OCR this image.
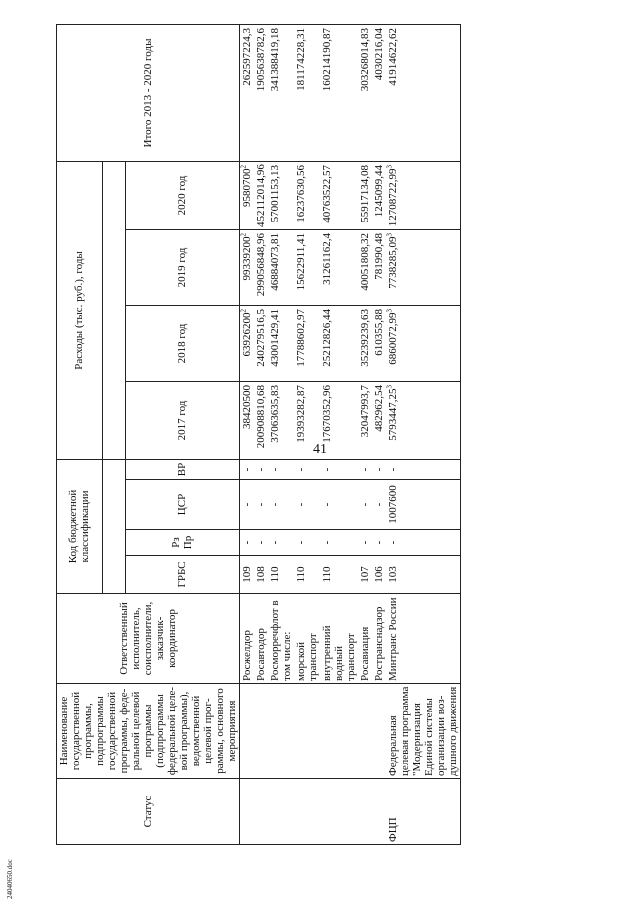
41
24040650.doc
Статус	Наименование государственной программы, подпрограммы государственной программы, феде-ральной целевой программы (подпрограммы федеральной целе-вой программы), ведомственной целевой прог-раммы, основного мероприятия	Ответственный исполнитель, соисполнители, заказчик-координатор	Код бюджетной классификации				Расходы (тыс. руб.), годы				Итого 2013 - 2020 годы

			ГРБС	Рз Пр	ЦСР	ВР	2017 год	2018 год	2019 год	2020 год	
		Росжелдор	109	-	-	-	38420500	63926200$^2$	99339200$^2$	9580700$^2$	262597224,3
		Росавтодор	108	-	-	-	200908810,68	240279516,5	299056848,96	452112014,96	1905638782,6
		Росморречфлот в том числе:	110	-	-	-	37063635,83	43001429,41	46884073,81	57001153,13	341388419,18
		морской транспорт	110	-	-	-	19393282,87	17788602,97	15622911,41	16237630,56	181174228,31
		внутренний водный транспорт	110	-	-	-	17670352,96	25212826,44	31261162,4	40763522,57	160214190,87
		Росавиация	107	-	-	-	32047993,7	35239239,63	40051808,32	55917134,08	303268014,83
		Ространснадзор	106	-	-	-	482962,54	610355,88	781990,48	1245099,44	4030216,04
ФЦП	Федеральная целевая программа "Модернизация Единой системы организации воз-душного движения	Минтранс России	103	-	1007600	-	5793447,25$^3$	6860072,99$^3$	7738285,09$^3$	12708722,99$^3$	41914622,62
